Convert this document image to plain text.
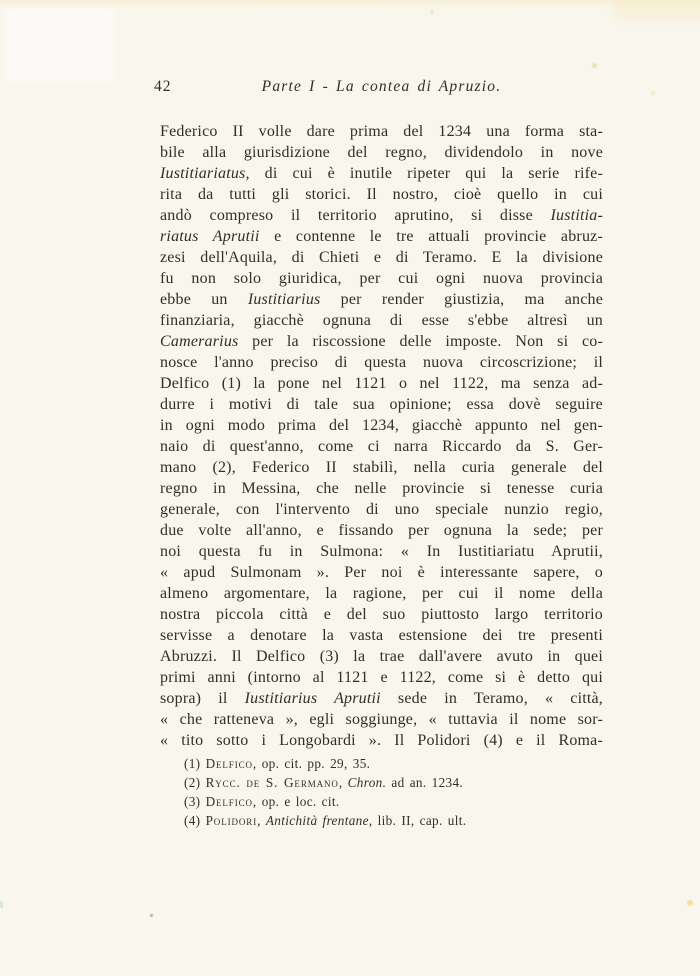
42	Parte I - La contea di Apruzio.
Federico II volle dare prima del 1234 una forma sta-
bile alla giurisdizione del regno, dividendolo in nove
Iustitiariatus, di cui è inutile ripeter qui la serie rife-
rita da tutti gli storici. Il nostro, cioè quello in cui
andò compreso il territorio aprutino, si disse Iustitia-
riatus Aprutii e contenne le tre attuali provincie abruz-
zesi dell'Aquila, di Chieti e di Teramo. E la divisione
fu non solo giuridica, per cui ogni nuova provincia
ebbe un Iustitiarius per render giustizia, ma anche
finanziaria, giacchè ognuna di esse s'ebbe altresì un
Camerarius per la riscossione delle imposte. Non si co-
nosce l'anno preciso di questa nuova circoscrizione; il
Delfico (1) la pone nel 1121 o nel 1122, ma senza ad-
durre i motivi di tale sua opinione; essa dovè seguire
in ogni modo prima del 1234, giacchè appunto nel gen-
naio di quest'anno, come ci narra Riccardo da S. Ger-
mano (2), Federico II stabilì, nella curia generale del
regno in Messina, che nelle provincie si tenesse curia
generale, con l'intervento di uno speciale nunzio regio,
due volte all'anno, e fissando per ognuna la sede; per
noi questa fu in Sulmona: « In Iustitiariatu Aprutii,
« apud Sulmonam ». Per noi è interessante sapere, o
almeno argomentare, la ragione, per cui il nome della
nostra piccola città e del suo piuttosto largo territorio
servisse a denotare la vasta estensione dei tre presenti
Abruzzi. Il Delfico (3) la trae dall'avere avuto in quei
primi anni (intorno al 1121 e 1122, come si è detto qui
sopra) il Iustitiarius Aprutii sede in Teramo, « città,
« che ratteneva », egli soggiunge, « tuttavia il nome sor-
« tito sotto i Longobardi ». Il Polidori (4) e il Roma-
(1) Delfico, op. cit. pp. 29, 35.
(2) Rycc. de S. Germano, Chron. ad an. 1234.
(3) Delfico, op. e loc. cit.
(4) Polidori, Antichità frentane, lib. II, cap. ult.
